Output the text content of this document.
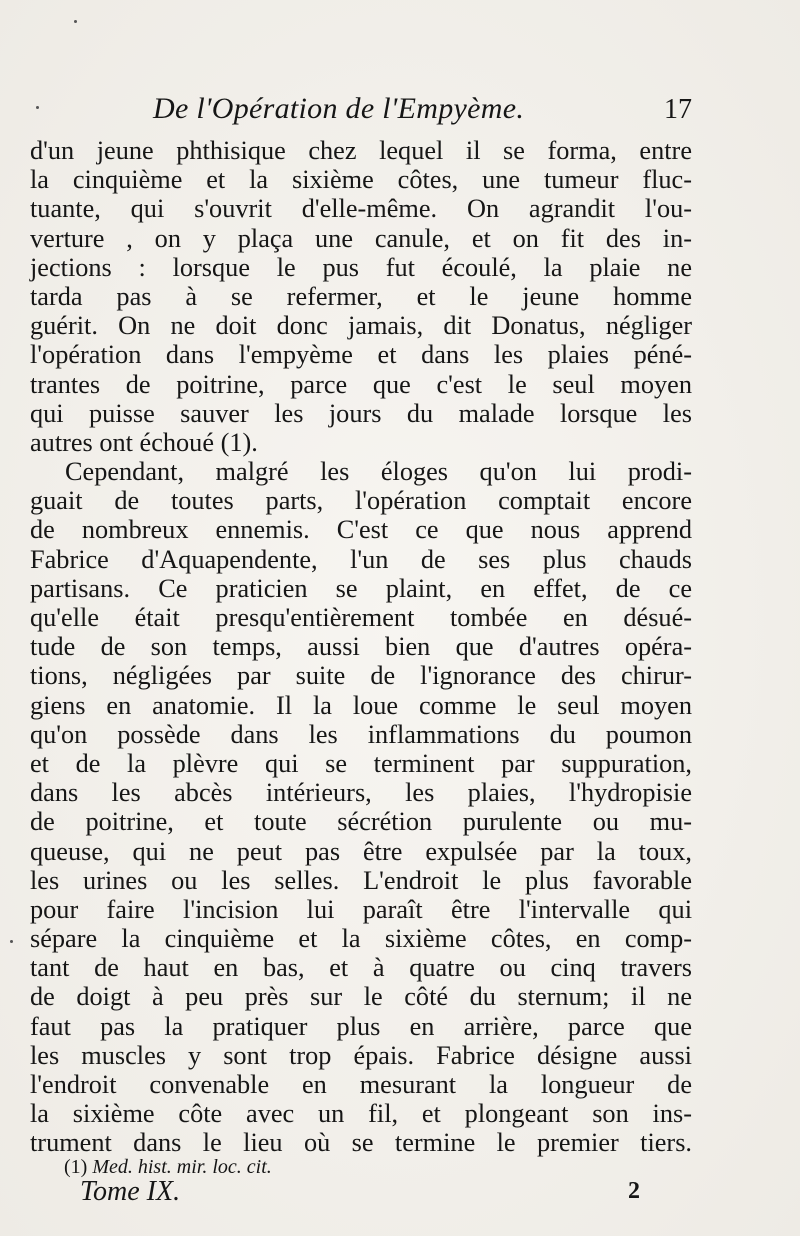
De l'Opération de l'Empyème.	17
d'un jeune phthisique chez lequel il se forma, entre
la cinquième et la sixième côtes, une tumeur fluc-
tuante, qui s'ouvrit d'elle-même. On agrandit l'ou-
verture , on y plaça une canule, et on fit des in-
jections : lorsque le pus fut écoulé, la plaie ne
tarda pas à se refermer, et le jeune homme
guérit. On ne doit donc jamais, dit Donatus, négliger
l'opération dans l'empyème et dans les plaies péné-
trantes de poitrine, parce que c'est le seul moyen
qui puisse sauver les jours du malade lorsque les
autres ont échoué (1).
Cependant, malgré les éloges qu'on lui prodi-
guait de toutes parts, l'opération comptait encore
de nombreux ennemis. C'est ce que nous apprend
Fabrice d'Aquapendente, l'un de ses plus chauds
partisans. Ce praticien se plaint, en effet, de ce
qu'elle était presqu'entièrement tombée en désué-
tude de son temps, aussi bien que d'autres opéra-
tions, négligées par suite de l'ignorance des chirur-
giens en anatomie. Il la loue comme le seul moyen
qu'on possède dans les inflammations du poumon
et de la plèvre qui se terminent par suppuration,
dans les abcès intérieurs, les plaies, l'hydropisie
de poitrine, et toute sécrétion purulente ou mu-
queuse, qui ne peut pas être expulsée par la toux,
les urines ou les selles. L'endroit le plus favorable
pour faire l'incision lui paraît être l'intervalle qui
sépare la cinquième et la sixième côtes, en comp-
tant de haut en bas, et à quatre ou cinq travers
de doigt à peu près sur le côté du sternum; il ne
faut pas la pratiquer plus en arrière, parce que
les muscles y sont trop épais. Fabrice désigne aussi
l'endroit convenable en mesurant la longueur de
la sixième côte avec un fil, et plongeant son ins-
trument dans le lieu où se termine le premier tiers.
(1) Med. hist. mir. loc. cit.
Tome IX.	2
